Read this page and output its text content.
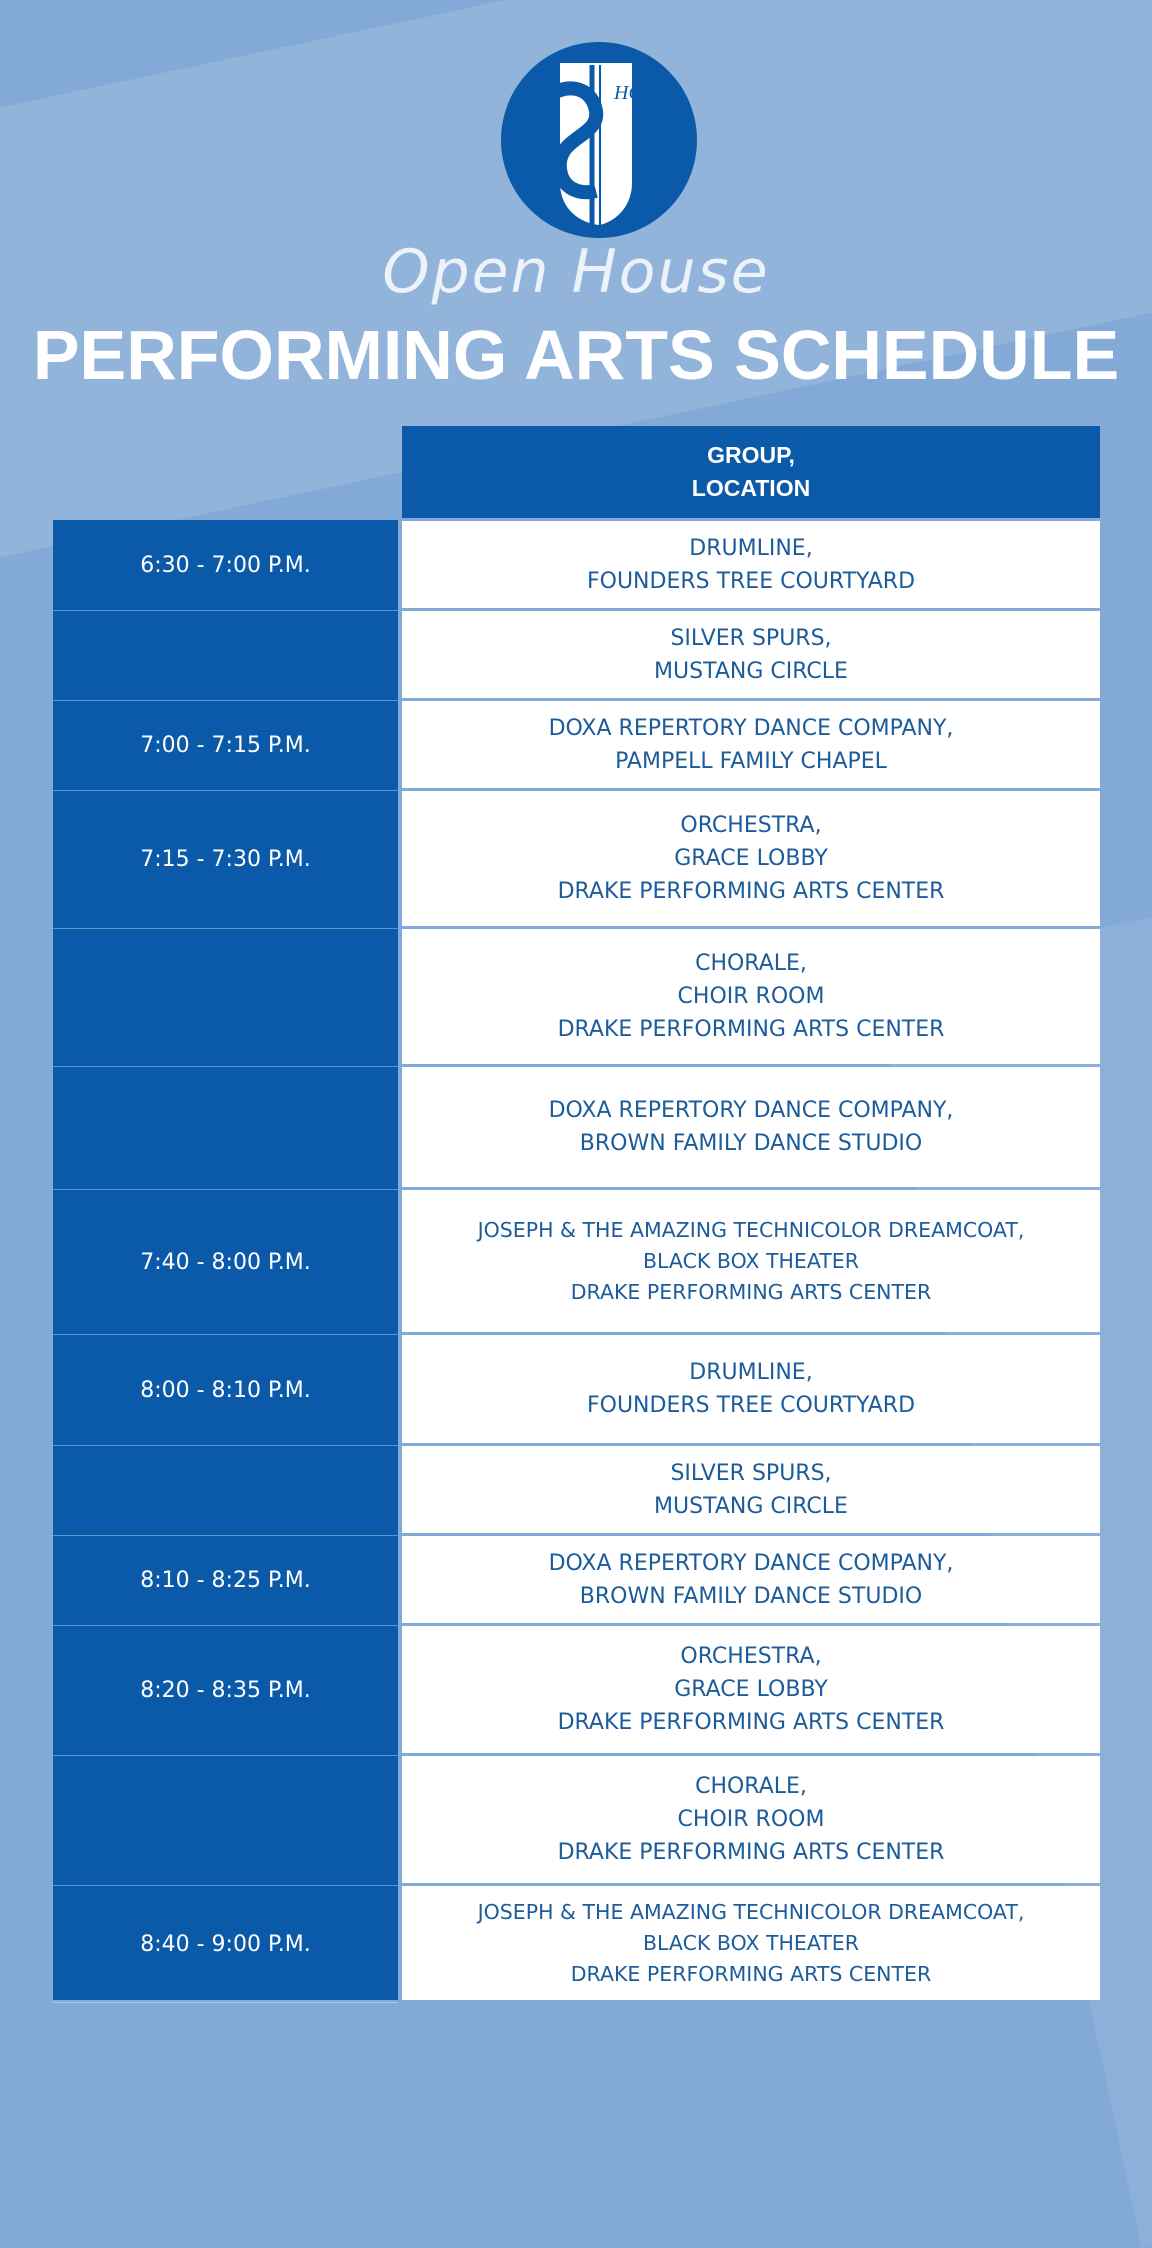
HC
Open House
PERFORMING ARTS SCHEDULE
GROUP,
LOCATION
6:30 - 7:00 P.M.
DRUMLINE,
FOUNDERS TREE COURTYARD
SILVER SPURS,
MUSTANG CIRCLE
7:00 - 7:15 P.M.
DOXA REPERTORY DANCE COMPANY,
PAMPELL FAMILY CHAPEL
7:15 - 7:30 P.M.
ORCHESTRA,
GRACE LOBBY
DRAKE PERFORMING ARTS CENTER
CHORALE,
CHOIR ROOM
DRAKE PERFORMING ARTS CENTER
DOXA REPERTORY DANCE COMPANY,
BROWN FAMILY DANCE STUDIO
7:40 - 8:00 P.M.
JOSEPH & THE AMAZING TECHNICOLOR DREAMCOAT,
BLACK BOX THEATER
DRAKE PERFORMING ARTS CENTER
8:00 - 8:10 P.M.
DRUMLINE,
FOUNDERS TREE COURTYARD
SILVER SPURS,
MUSTANG CIRCLE
8:10 - 8:25 P.M.
DOXA REPERTORY DANCE COMPANY,
BROWN FAMILY DANCE STUDIO
8:20 - 8:35 P.M.
ORCHESTRA,
GRACE LOBBY
DRAKE PERFORMING ARTS CENTER
CHORALE,
CHOIR ROOM
DRAKE PERFORMING ARTS CENTER
8:40 - 9:00 P.M.
JOSEPH & THE AMAZING TECHNICOLOR DREAMCOAT,
BLACK BOX THEATER
DRAKE PERFORMING ARTS CENTER
